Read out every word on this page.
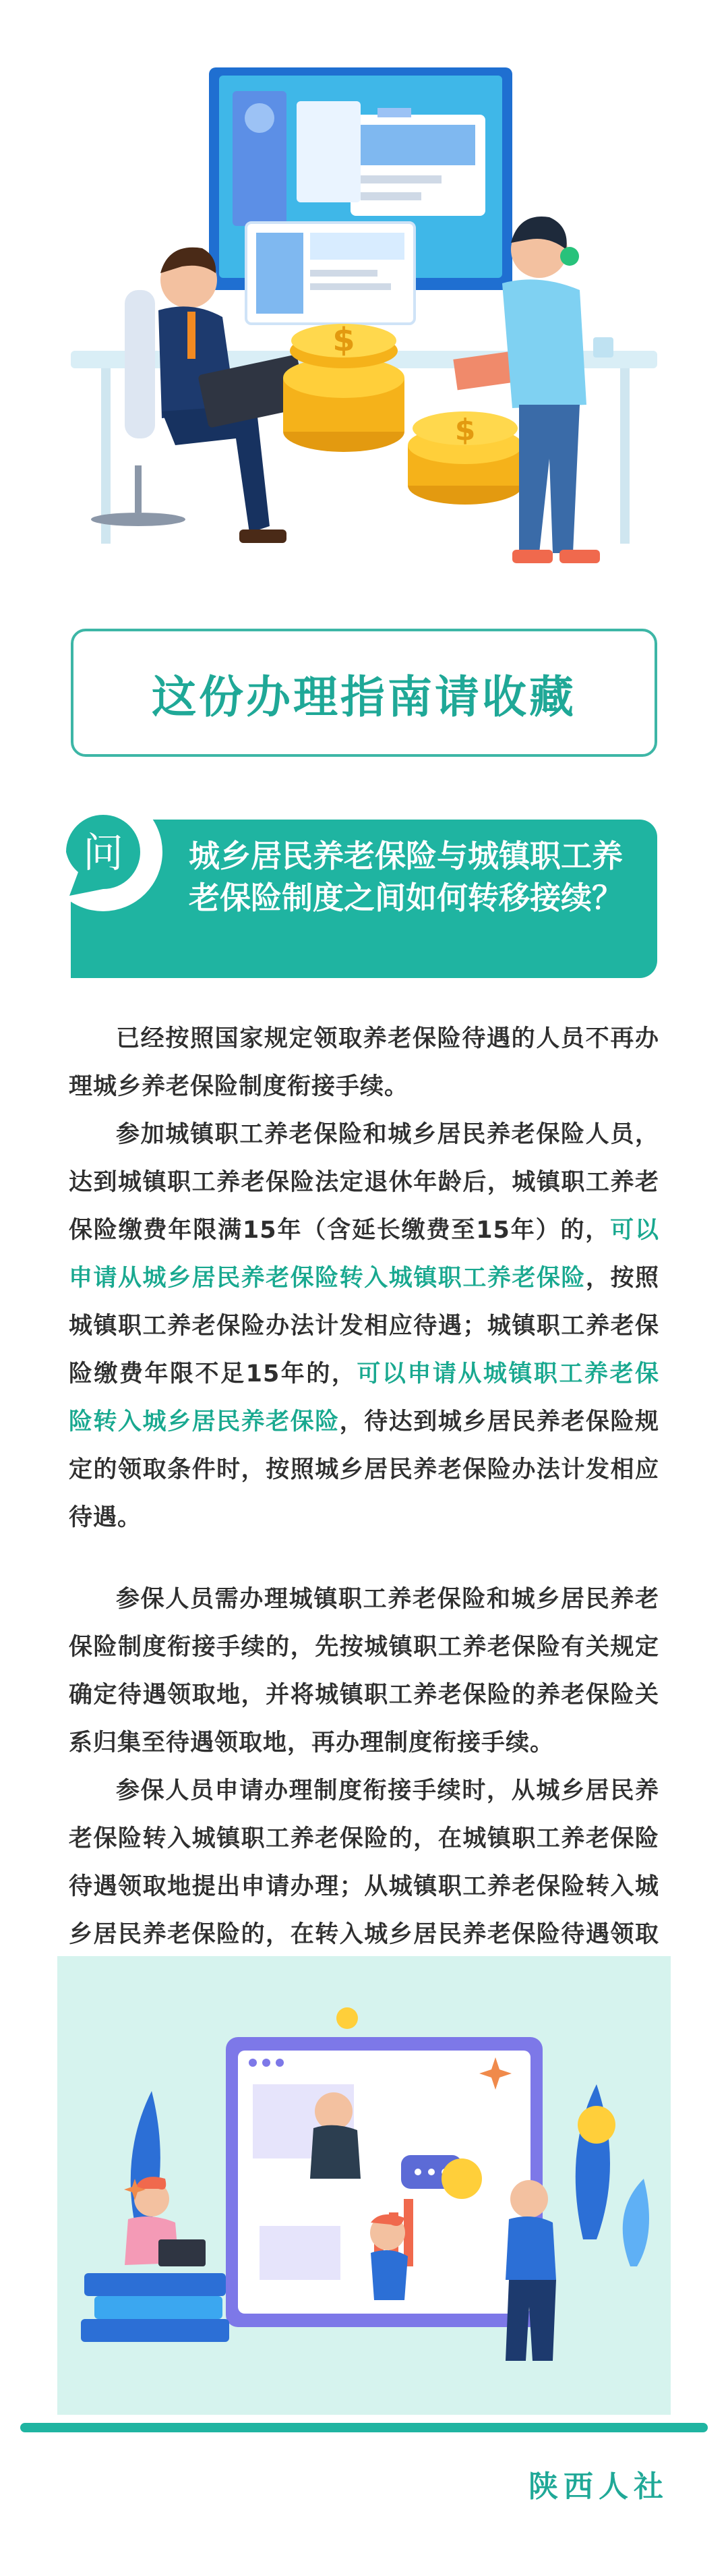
$
$
这份办理指南请收藏
问 城乡居民养老保险与城镇职工养老保险制度之间如何转移接续？

已经按照国家规定领取养老保险待遇的人员不再办理城乡养老保险制度衔接手续。

参加城镇职工养老保险和城乡居民养老保险人员，达到城镇职工养老保险法定退休年龄后，城镇职工养老保险缴费年限满15年（含延长缴费至15年）的，可以申请从城乡居民养老保险转入城镇职工养老保险，按照城镇职工养老保险办法计发相应待遇；城镇职工养老保险缴费年限不足15年的，可以申请从城镇职工养老保险转入城乡居民养老保险，待达到城乡居民养老保险规定的领取条件时，按照城乡居民养老保险办法计发相应待遇。

参保人员需办理城镇职工养老保险和城乡居民养老保险制度衔接手续的，先按城镇职工养老保险有关规定确定待遇领取地，并将城镇职工养老保险的养老保险关系归集至待遇领取地，再办理制度衔接手续。

参保人员申请办理制度衔接手续时，从城乡居民养老保险转入城镇职工养老保险的，在城镇职工养老保险待遇领取地提出申请办理；从城镇职工养老保险转入城乡居民养老保险的，在转入城乡居民养老保险待遇领取

陕西人社
